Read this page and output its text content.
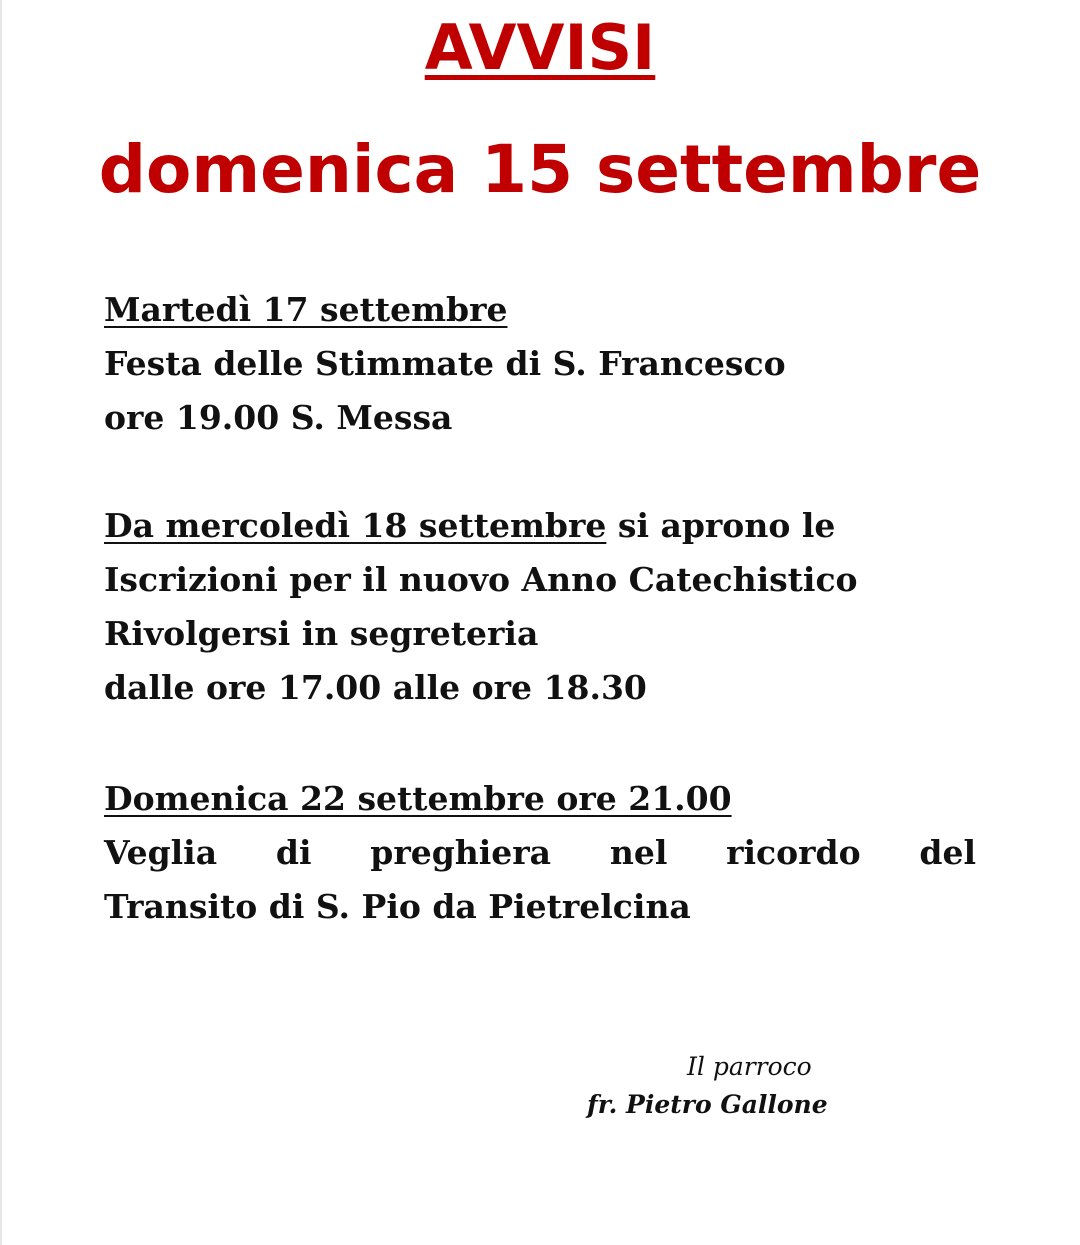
AVVISI
domenica 15 settembre
Martedì 17 settembre
Festa delle Stimmate di S. Francesco
ore 19.00 S. Messa
Da mercoledì 18 settembre si aprono le
Iscrizioni per il nuovo Anno Catechistico
Rivolgersi in segreteria
dalle ore 17.00 alle ore 18.30
Domenica 22 settembre ore 21.00
Veglia di preghiera nel ricordo del
Transito di S. Pio da Pietrelcina
Il parroco
fr. Pietro Gallone
